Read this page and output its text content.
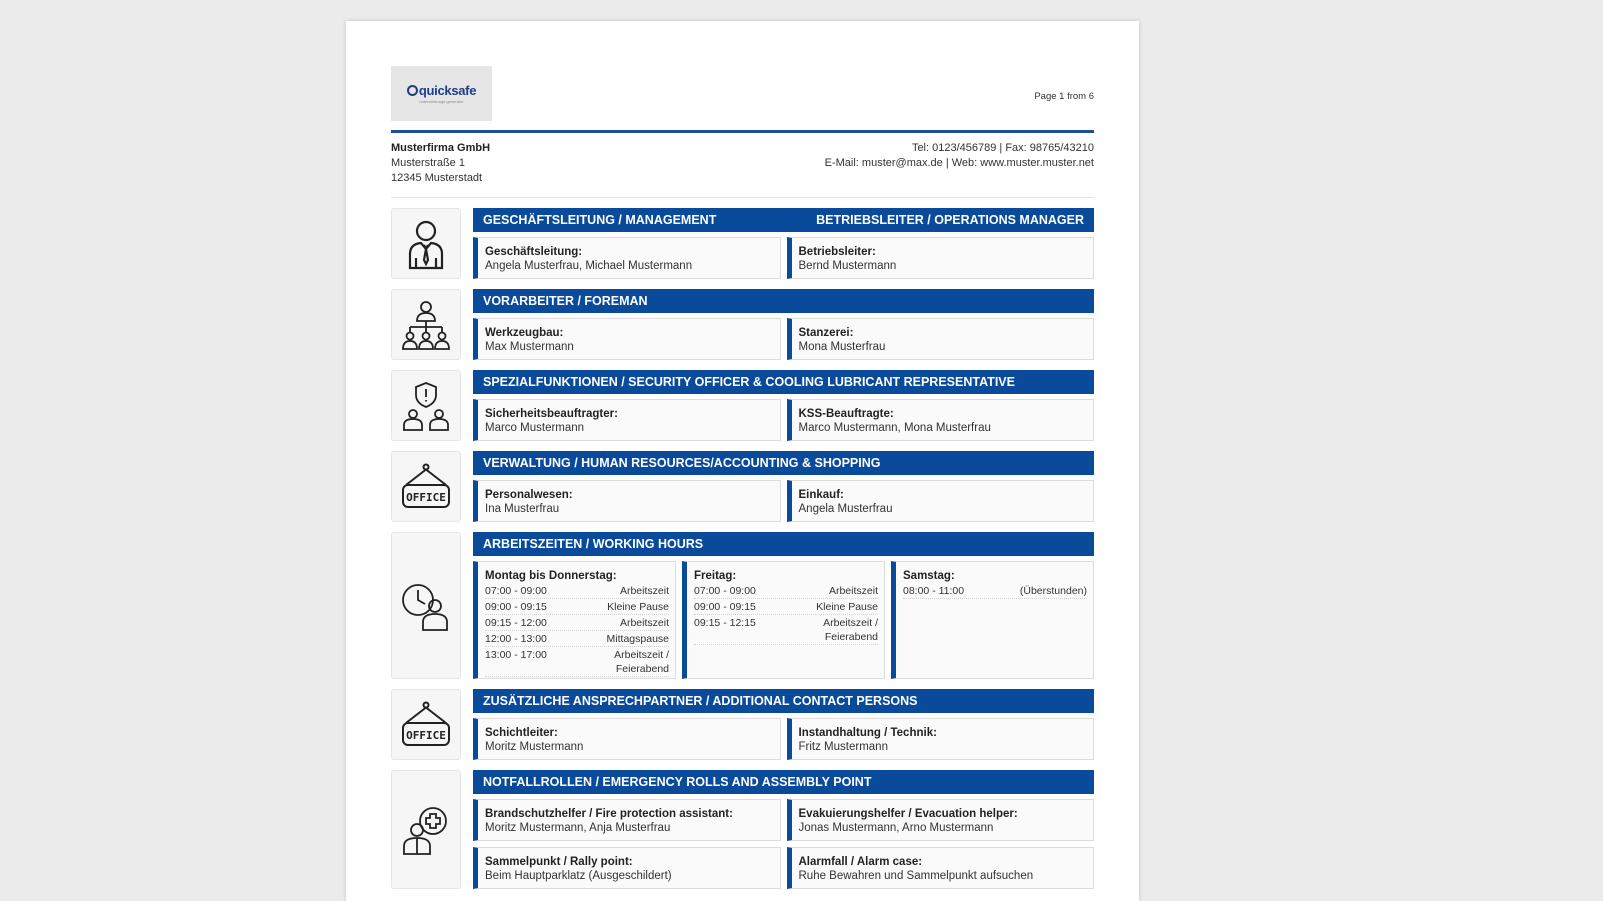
quicksafe
unterweisungs-generator	Page 1 from 6
Musterfirma GmbH
Musterstraße 1
12345 Musterstadt
Tel: 0123/456789 | Fax: 98765/43210
E-Mail: muster@max.de | Web: www.muster.muster.net
GESCHÄFTSLEITUNG / MANAGEMENT	BETRIEBSLEITER / OPERATIONS MANAGER
Geschäftsleitung:
Angela Musterfrau, Michael Mustermann
Betriebsleiter:
Bernd Mustermann
VORARBEITER / FOREMAN
Werkzeugbau:
Max Mustermann
Stanzerei:
Mona Musterfrau
SPEZIALFUNKTIONEN / SECURITY OFFICER & COOLING LUBRICANT REPRESENTATIVE
Sicherheitsbeauftragter:
Marco Mustermann
KSS-Beauftragte:
Marco Mustermann, Mona Musterfrau
OFFICE
VERWALTUNG / HUMAN RESOURCES/ACCOUNTING & SHOPPING
Personalwesen:
Ina Musterfrau
Einkauf:
Angela Musterfrau
ARBEITSZEITEN / WORKING HOURS
Montag bis Donnerstag:
07:00 - 09:00	Arbeitszeit
09:00 - 09:15	Kleine Pause
09:15 - 12:00	Arbeitszeit
12:00 - 13:00	Mittagspause
13:00 - 17:00	Arbeitszeit / Feierabend
Freitag:
07:00 - 09:00	Arbeitszeit
09:00 - 09:15	Kleine Pause
09:15 - 12:15	Arbeitszeit / Feierabend
Samstag:
08:00 - 11:00	(Überstunden)
OFFICE
ZUSÄTZLICHE ANSPRECHPARTNER / ADDITIONAL CONTACT PERSONS
Schichtleiter:
Moritz Mustermann
Instandhaltung / Technik:
Fritz Mustermann
NOTFALLROLLEN / EMERGENCY ROLLS AND ASSEMBLY POINT
Brandschutzhelfer / Fire protection assistant:
Moritz Mustermann, Anja Musterfrau
Evakuierungshelfer / Evacuation helper:
Jonas Mustermann, Arno Mustermann
Sammelpunkt / Rally point:
Beim Hauptparklatz (Ausgeschildert)
Alarmfall / Alarm case:
Ruhe Bewahren und Sammelpunkt aufsuchen
